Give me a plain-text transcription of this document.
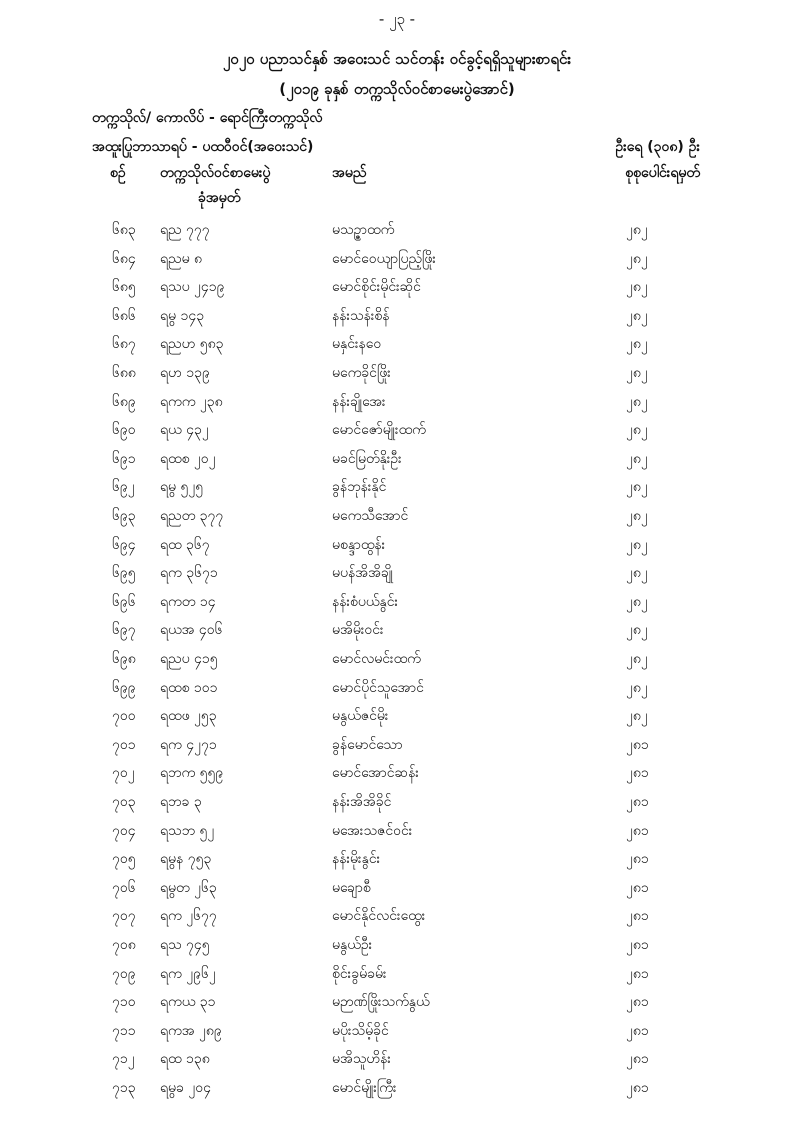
- ၂၃ -
၂၀၂၀ ပညာသင်နှစ် အဝေးသင် သင်တန်း ဝင်ခွင့်ရရှိသူများစာရင်း
(၂၀၁၉ ခုနှစ် တက္ကသိုလ်ဝင်စာမေးပွဲအောင်)
တက္ကသိုလ်/ ကောလိပ် - ရောင်ကြီးတက္ကသိုလ်
အထူးပြုဘာသာရပ် - ပထဝီဝင်(အဝေးသင်)	ဦးရေ (၃၀၈) ဦး
စဉ် တက္ကသိုလ်ဝင်စာမေးပွဲ
ခုံအမှတ်
အမည်	စုစုပေါင်းရမှတ်
၆၈၃ ရည ၇၇၇	မသဉ္ဇာထက်	၂၈၂
၆၈၄ ရညမ ၈	မောင်ဝေယျာပြည့်ဖြိုး	၂၈၂
၆၈၅ ရသပ ၂၄၁၉	မောင်စိုင်းမိုင်းဆိုင်	၂၈၂
၆၈၆ ရမွ ၁၄၃	နန်းသန်းစိန်	၂၈၂
၆၈၇ ရညဟ ၅၈၃	မနှင်းနဝေ	၂၈၂
၆၈၈ ရဟ ၁၃၉	မကေခိုင်ဖြိုး	၂၈၂
၆၈၉ ရကက ၂၃၈	နန်းချိုအေး	၂၈၂
၆၉၀ ရယ ၄၃၂	မောင်ဇော်မျိုးထက်	၂၈၂
၆၉၁ ရထစ ၂၀၂	မခင်မြတ်နိုးဦး	၂၈၂
၆၉၂ ရမွ ၅၂၅	ခွန်ဘုန်းနိုင်	၂၈၂
၆၉၃ ရညတ ၃၇၇	မကေသီအောင်	၂၈၂
၆၉၄ ရထ ၃၆၇	မစန္ဒာထွန်း	၂၈၂
၆၉၅ ရက ၃၆၇၁	မပန်အိအိချို	၂၈၂
၆၉၆ ရကတ ၁၄	နန်းစံပယ်နွင်း	၂၈၂
၆၉၇ ရယအ ၄၀၆	မအိမိုးဝင်း	၂၈၂
၆၉၈ ရညပ ၄၁၅	မောင်လမင်းထက်	၂၈၂
၆၉၉ ရထစ ၁၀၁	မောင်ပိုင်သူအောင်	၂၈၂
၇၀၀ ရထဖ ၂၅၃	မနွယ်ဇင်မိုး	၂၈၂
၇၀၁ ရက ၄၂၇၁	ခွန်မောင်သော	၂၈၁
၇၀၂ ရဘက ၅၅၉	မောင်အောင်ဆန်း	၂၈၁
၇၀၃ ရဘခ ၃	နန်းအိအိခိုင်	၂၈၁
၇၀၄ ရသဘ ၅၂	မအေးသဇင်ဝင်း	၂၈၁
၇၀၅ ရမွန ၇၅၃	နန်းမိုးနွင်း	၂၈၁
၇၀၆ ရမွတ ၂၆၃	မချောစီ	၂၈၁
၇၀၇ ရက ၂၆၇၇	မောင်နိုင်လင်းထွေး	၂၈၁
၇၀၈ ရသ ၇၄၅	မနွယ်ဦး	၂၈၁
၇၀၉ ရက ၂၉၆၂	စိုင်းခွမ်ခမ်း	၂၈၁
၇၁၀ ရကယ ၃၁	မဉာဏ်ဖြိုးသက်နွယ်	၂၈၁
၇၁၁ ရကအ ၂၈၉	မပိုးသိမ့်ခိုင်	၂၈၁
၇၁၂ ရထ ၁၃၈	မအိသူဟိန်း	၂၈၁
၇၁၃ ရမွခ ၂၀၄	မောင်မျိုးကြီး	၂၈၁
